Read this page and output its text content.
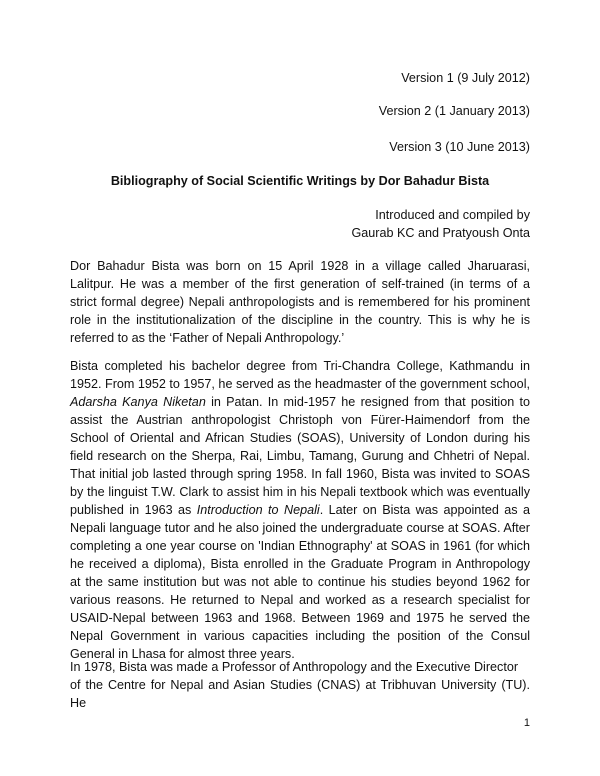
Version 1 (9 July 2012)
Version 2 (1 January 2013)
Version 3 (10 June 2013)
Bibliography of Social Scientific Writings by Dor Bahadur Bista
Introduced and compiled by
Gaurab KC and Pratyoush Onta
Dor Bahadur Bista was born on 15 April 1928 in a village called Jharuarasi,
Lalitpur. He was a member of the first generation of self-trained (in terms of a
strict formal degree) Nepali anthropologists and is remembered for his prominent
role in the institutionalization of the discipline in the country. This is why he is
referred to as the ‘Father of Nepali Anthropology.’
Bista completed his bachelor degree from Tri-Chandra College, Kathmandu in
1952. From 1952 to 1957, he served as the headmaster of the government school,
Adarsha Kanya Niketan in Patan. In mid-1957 he resigned from that position to
assist the Austrian anthropologist Christoph von Fürer-Haimendorf from the
School of Oriental and African Studies (SOAS), University of London during his
field research on the Sherpa, Rai, Limbu, Tamang, Gurung and Chhetri of Nepal.
That initial job lasted through spring 1958. In fall 1960, Bista was invited to SOAS
by the linguist T.W. Clark to assist him in his Nepali textbook which was eventually
published in 1963 as Introduction to Nepali. Later on Bista was appointed as a
Nepali language tutor and he also joined the undergraduate course at SOAS. After
completing a one year course on 'Indian Ethnography' at SOAS in 1961 (for which
he received a diploma), Bista enrolled in the Graduate Program in Anthropology
at the same institution but was not able to continue his studies beyond 1962 for
various reasons. He returned to Nepal and worked as a research specialist for
USAID-Nepal between 1963 and 1968. Between 1969 and 1975 he served the
Nepal Government in various capacities including the position of the Consul
General in Lhasa for almost three years.
In 1978, Bista was made a Professor of Anthropology and the Executive Director
of the Centre for Nepal and Asian Studies (CNAS) at Tribhuvan University (TU). He
1
